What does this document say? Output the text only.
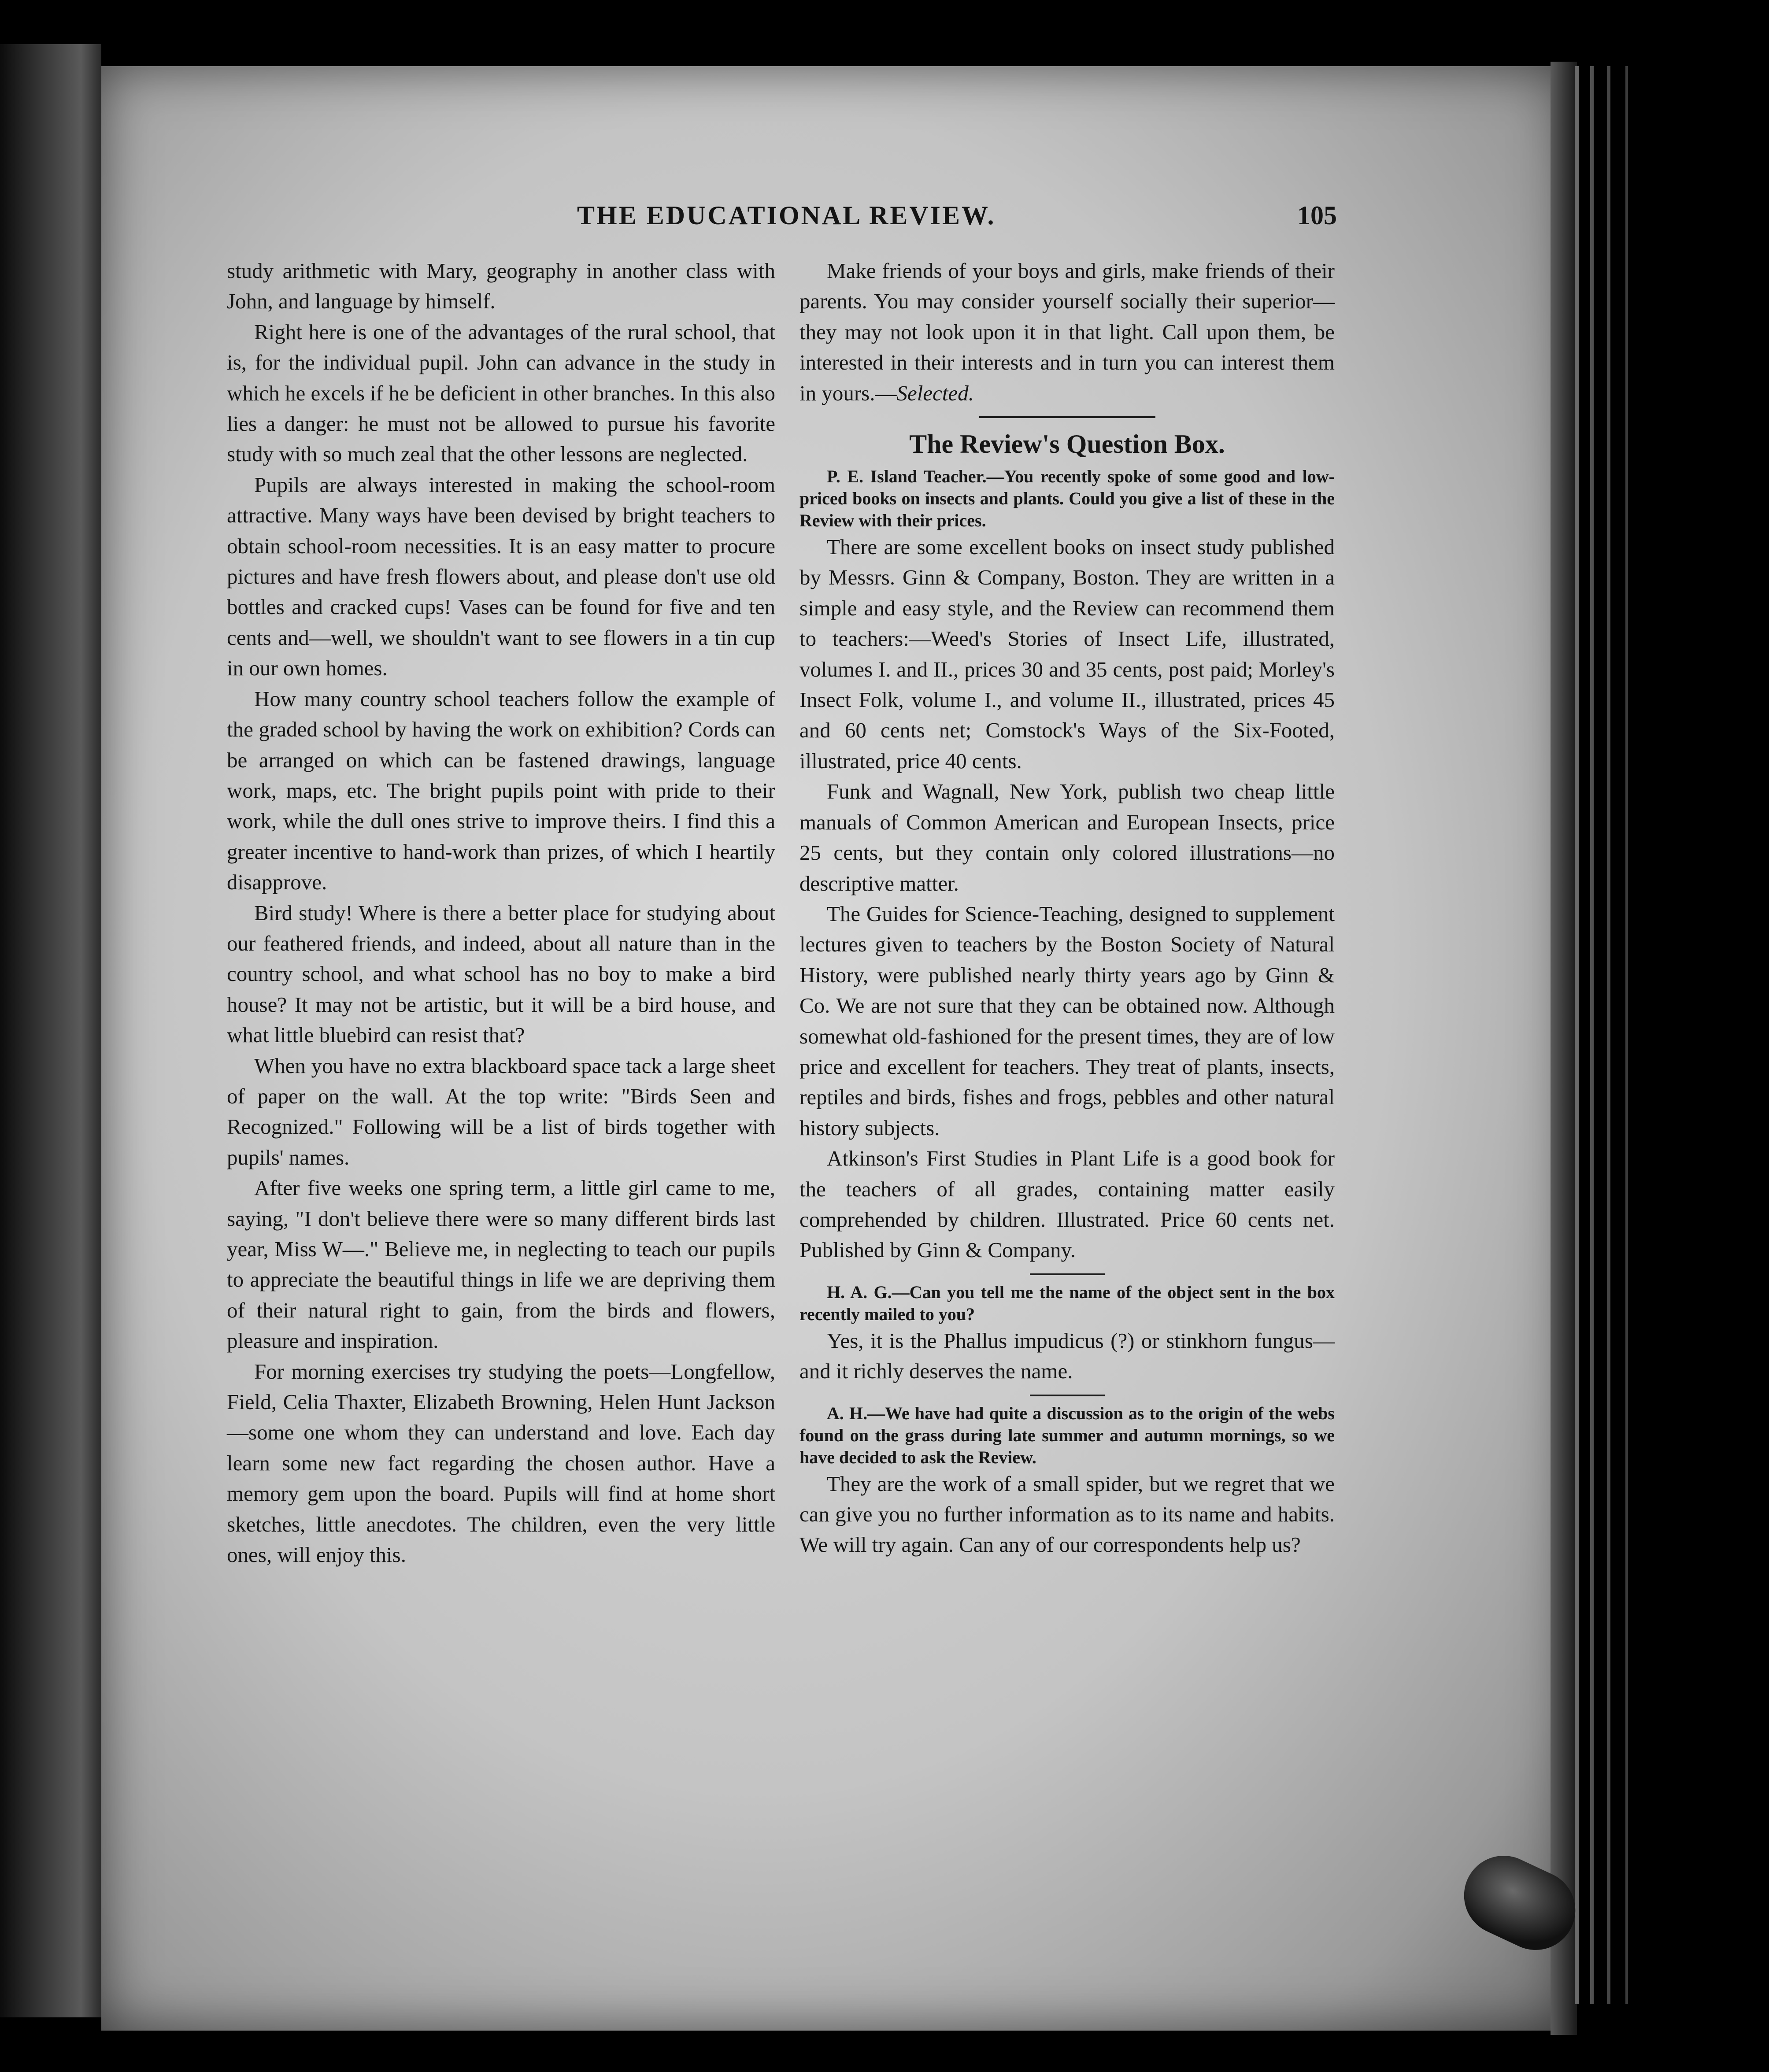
THE EDUCATIONAL REVIEW.	105

study arithmetic with Mary, geography in another class with John, and language by himself.

Right here is one of the advantages of the rural school, that is, for the individual pupil. John can advance in the study in which he excels if he be deficient in other branches. In this also lies a danger: he must not be allowed to pursue his favorite study with so much zeal that the other lessons are neglected.

Pupils are always interested in making the school-room attractive. Many ways have been devised by bright teachers to obtain school-room necessities. It is an easy matter to procure pictures and have fresh flowers about, and please don't use old bottles and cracked cups! Vases can be found for five and ten cents and—well, we shouldn't want to see flowers in a tin cup in our own homes.

How many country school teachers follow the example of the graded school by having the work on exhibition? Cords can be arranged on which can be fastened drawings, language work, maps, etc. The bright pupils point with pride to their work, while the dull ones strive to improve theirs. I find this a greater incentive to hand-work than prizes, of which I heartily disapprove.

Bird study! Where is there a better place for studying about our feathered friends, and indeed, about all nature than in the country school, and what school has no boy to make a bird house? It may not be artistic, but it will be a bird house, and what little bluebird can resist that?

When you have no extra blackboard space tack a large sheet of paper on the wall. At the top write: "Birds Seen and Recognized." Following will be a list of birds together with pupils' names.

After five weeks one spring term, a little girl came to me, saying, "I don't believe there were so many different birds last year, Miss W—." Believe me, in neglecting to teach our pupils to appreciate the beautiful things in life we are depriving them of their natural right to gain, from the birds and flowers, pleasure and inspiration.

For morning exercises try studying the poets—Longfellow, Field, Celia Thaxter, Elizabeth Browning, Helen Hunt Jackson—some one whom they can understand and love. Each day learn some new fact regarding the chosen author. Have a memory gem upon the board. Pupils will find at home short sketches, little anecdotes. The children, even the very little ones, will enjoy this.

Make friends of your boys and girls, make friends of their parents. You may consider yourself socially their superior—they may not look upon it in that light. Call upon them, be interested in their interests and in turn you can interest them in yours.—Selected.

The Review's Question Box.

P. E. Island Teacher.—You recently spoke of some good and low-priced books on insects and plants. Could you give a list of these in the Review with their prices.

There are some excellent books on insect study published by Messrs. Ginn & Company, Boston. They are written in a simple and easy style, and the Review can recommend them to teachers:—Weed's Stories of Insect Life, illustrated, volumes I. and II., prices 30 and 35 cents, post paid; Morley's Insect Folk, volume I., and volume II., illustrated, prices 45 and 60 cents net; Comstock's Ways of the Six-Footed, illustrated, price 40 cents.

Funk and Wagnall, New York, publish two cheap little manuals of Common American and European Insects, price 25 cents, but they contain only colored illustrations—no descriptive matter.

The Guides for Science-Teaching, designed to supplement lectures given to teachers by the Boston Society of Natural History, were published nearly thirty years ago by Ginn & Co. We are not sure that they can be obtained now. Although somewhat old-fashioned for the present times, they are of low price and excellent for teachers. They treat of plants, insects, reptiles and birds, fishes and frogs, pebbles and other natural history subjects.

Atkinson's First Studies in Plant Life is a good book for the teachers of all grades, containing matter easily comprehended by children. Illustrated. Price 60 cents net. Published by Ginn & Company.

H. A. G.—Can you tell me the name of the object sent in the box recently mailed to you?

Yes, it is the Phallus impudicus (?) or stinkhorn fungus—and it richly deserves the name.

A. H.—We have had quite a discussion as to the origin of the webs found on the grass during late summer and autumn mornings, so we have decided to ask the Review.

They are the work of a small spider, but we regret that we can give you no further information as to its name and habits. We will try again. Can any of our correspondents help us?
